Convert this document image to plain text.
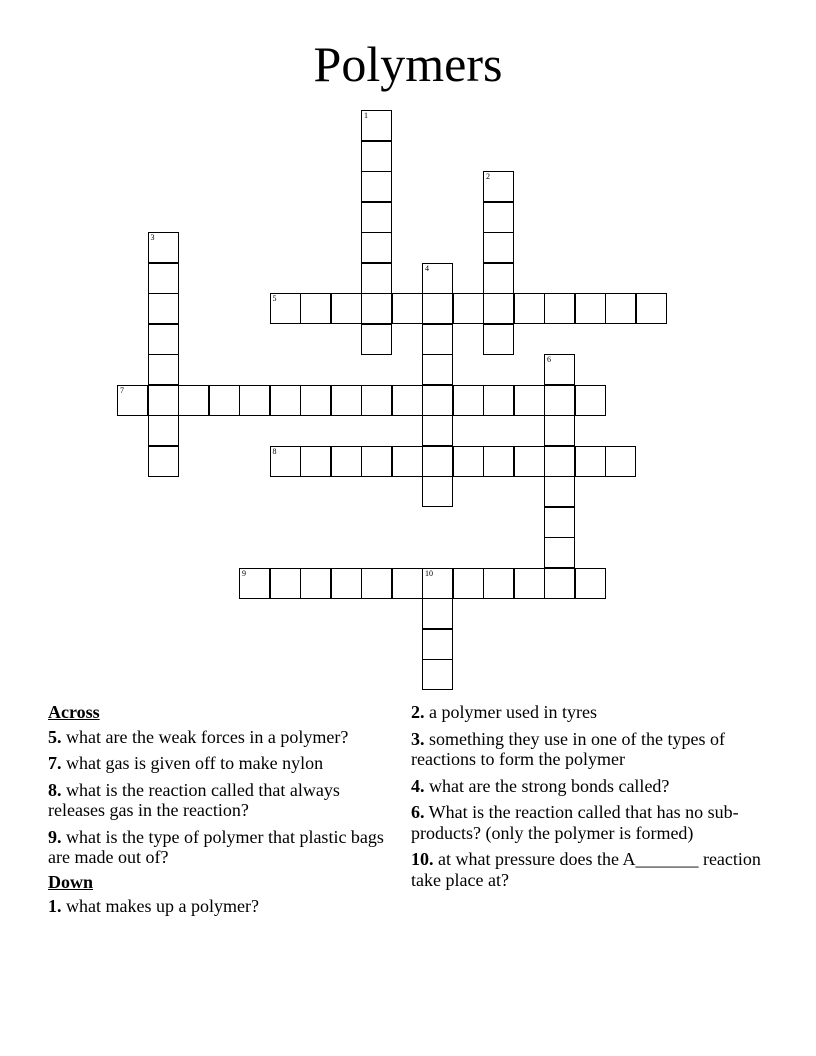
Polymers
1
2
3
4
5
6
7
8
9	10
Across
5. what are the weak forces in a polymer?
7. what gas is given off to make nylon
8. what is the reaction called that always releases gas in the reaction?
9. what is the type of polymer that plastic bags are made out of?
Down
1. what makes up a polymer?
2. a polymer used in tyres
3. something they use in one of the types of reactions to form the polymer
4. what are the strong bonds called?
6. What is the reaction called that has no sub-products? (only the polymer is formed)
10. at what pressure does the A_______ reaction take place at?
